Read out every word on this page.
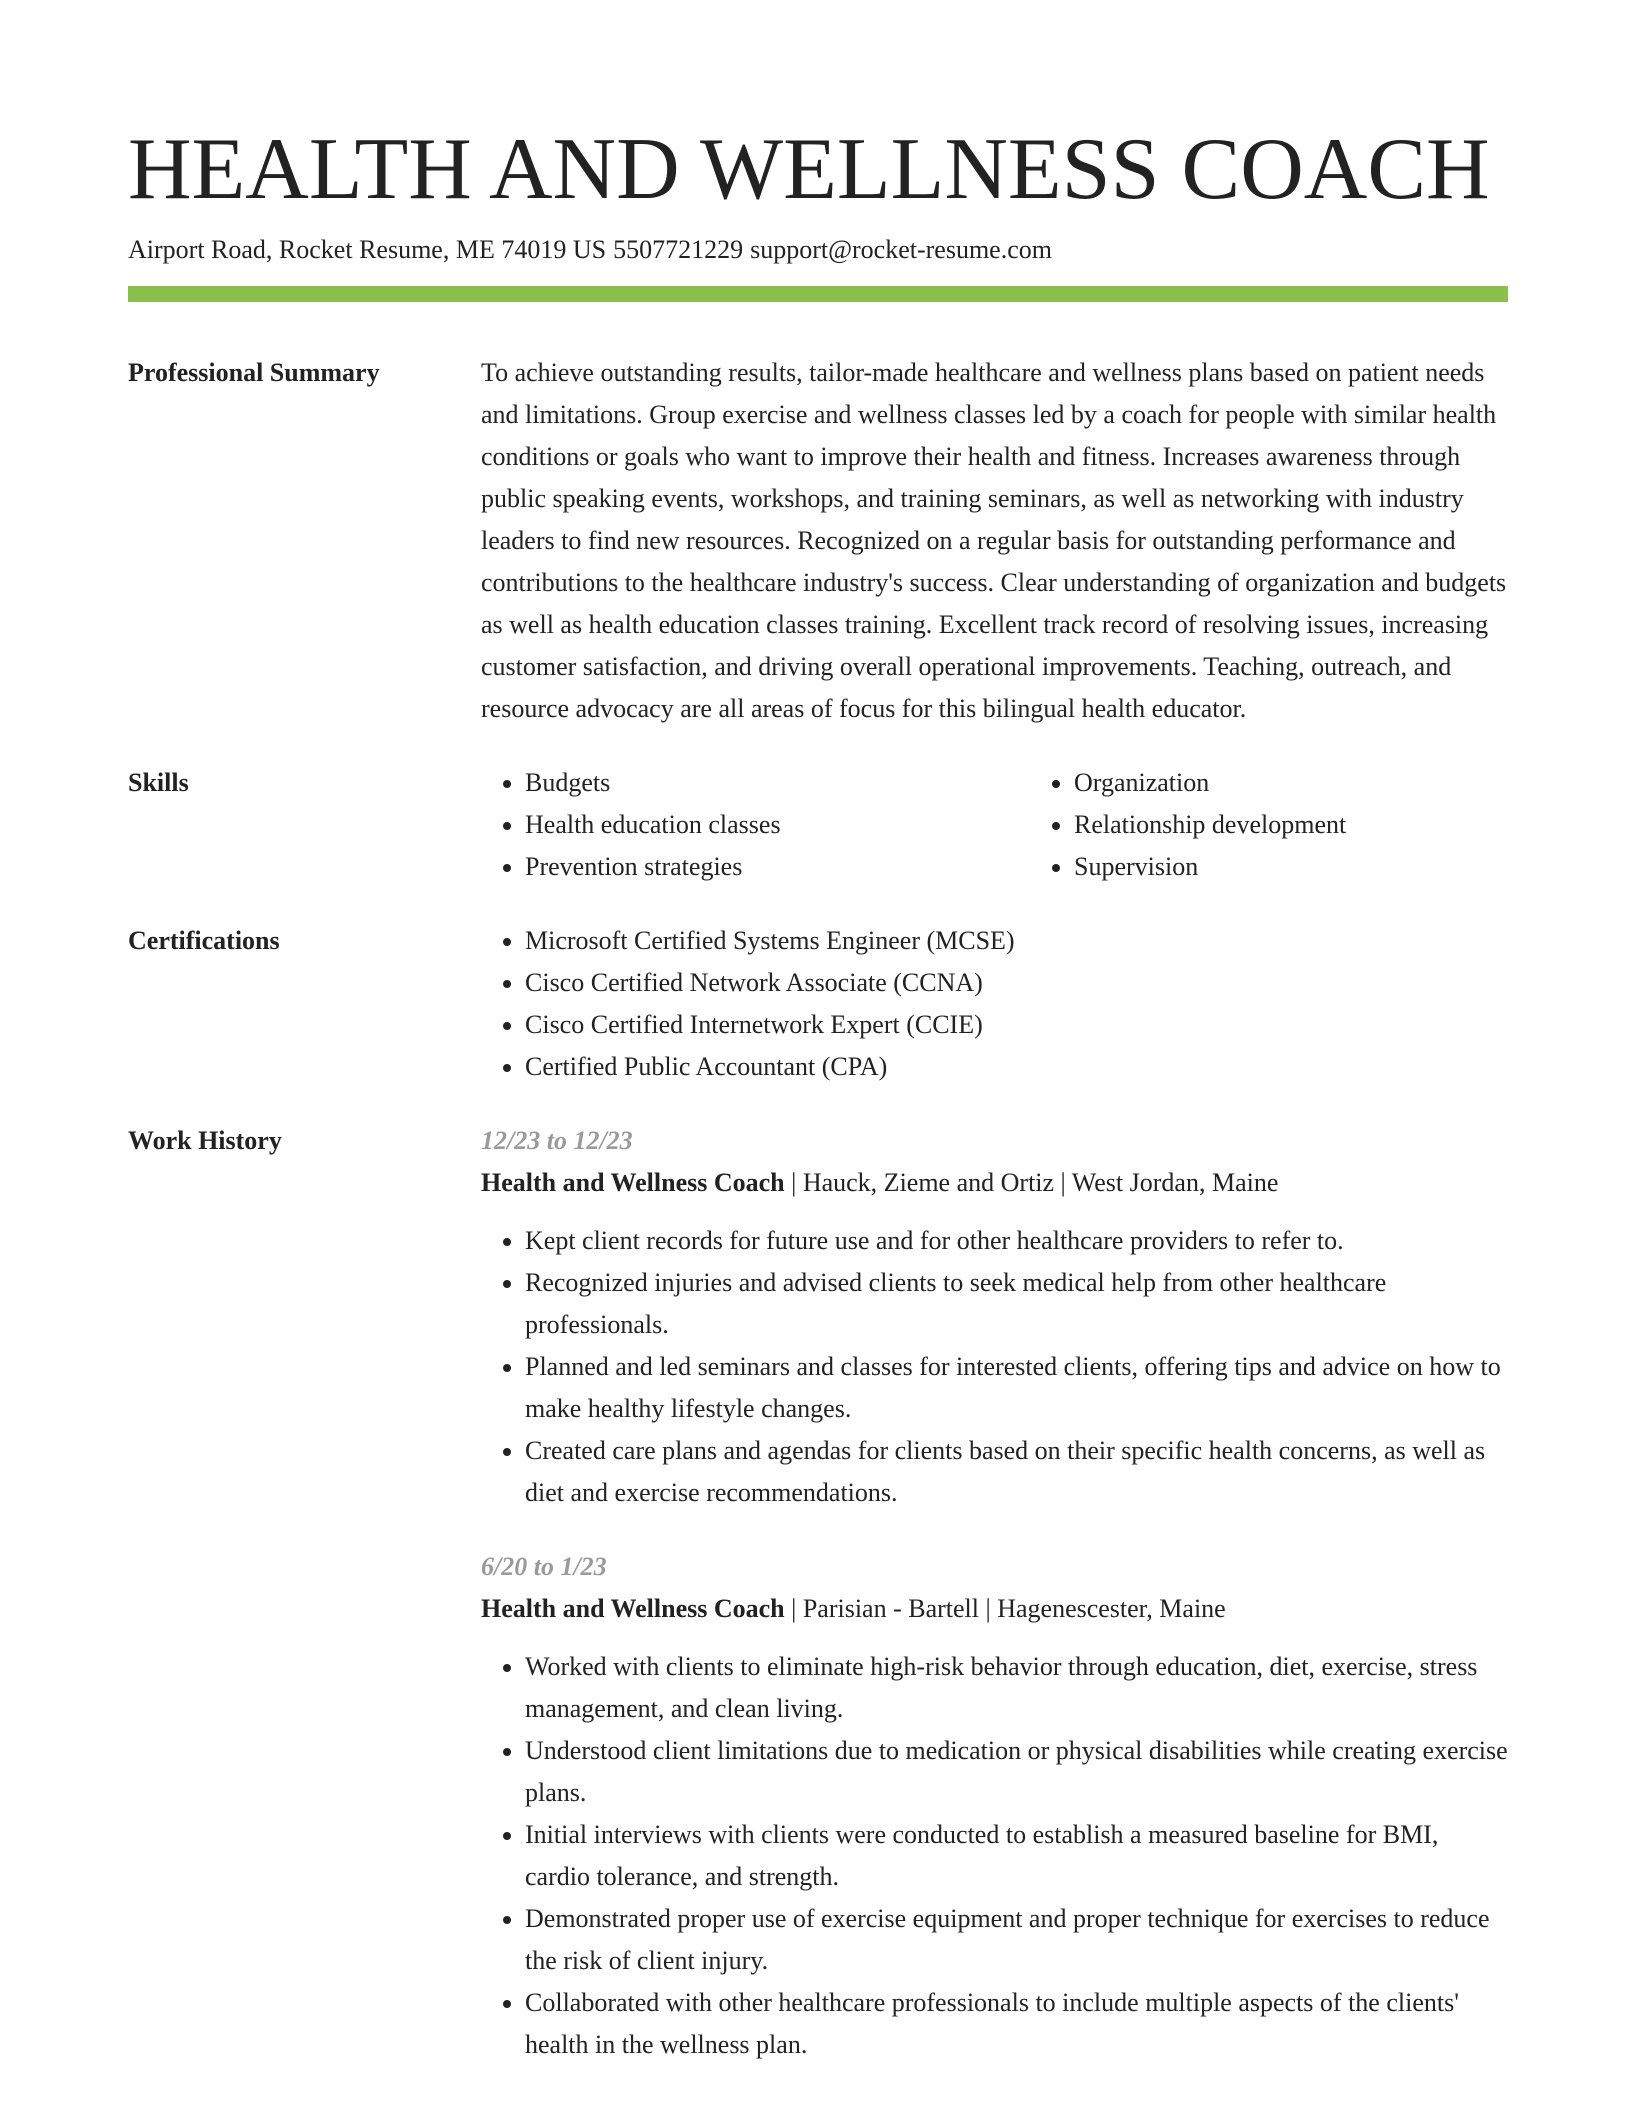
HEALTH AND WELLNESS COACH
Airport Road, Rocket Resume, ME 74019 US 5507721229 support@rocket-resume.com
Professional Summary	To achieve outstanding results, tailor-made healthcare and wellness plans based on patient needs and limitations. Group exercise and wellness classes led by a coach for people with similar health conditions or goals who want to improve their health and fitness. Increases awareness through public speaking events, workshops, and training seminars, as well as networking with industry leaders to find new resources. Recognized on a regular basis for outstanding performance and contributions to the healthcare industry's success. Clear understanding of organization and budgets as well as health education classes training. Excellent track record of resolving issues, increasing customer satisfaction, and driving overall operational improvements. Teaching, outreach, and resource advocacy are all areas of focus for this bilingual health educator.

Skills	• Budgets
• Health education classes
• Prevention strategies
• Organization
• Relationship development
• Supervision
Certifications	• Microsoft Certified Systems Engineer (MCSE)
• Cisco Certified Network Associate (CCNA)
• Cisco Certified Internetwork Expert (CCIE)
• Certified Public Accountant (CPA)
Work History	12/23 to 12/23
Health and Wellness Coach | Hauck, Zieme and Ortiz | West Jordan, Maine
• Kept client records for future use and for other healthcare providers to refer to.
• Recognized injuries and advised clients to seek medical help from other healthcare professionals.
• Planned and led seminars and classes for interested clients, offering tips and advice on how to make healthy lifestyle changes.
• Created care plans and agendas for clients based on their specific health concerns, as well as diet and exercise recommendations.
6/20 to 1/23
Health and Wellness Coach | Parisian - Bartell | Hagenescester, Maine
• Worked with clients to eliminate high-risk behavior through education, diet, exercise, stress management, and clean living.
• Understood client limitations due to medication or physical disabilities while creating exercise plans.
• Initial interviews with clients were conducted to establish a measured baseline for BMI, cardio tolerance, and strength.
• Demonstrated proper use of exercise equipment and proper technique for exercises to reduce the risk of client injury.
• Collaborated with other healthcare professionals to include multiple aspects of the clients' health in the wellness plan.
